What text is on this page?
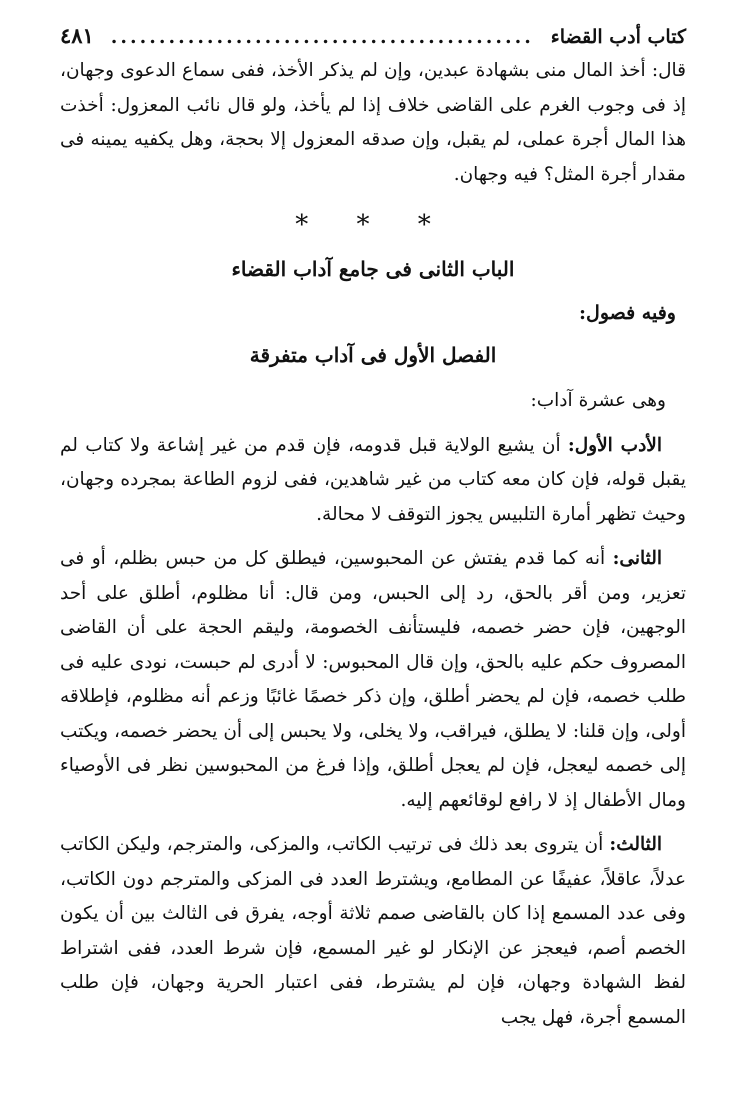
كتاب أدب القضاء
............................................
٤٨١

قال: أخذ المال منى بشهادة عبدين، وإن لم يذكر الأخذ، ففى سماع الدعوى وجهان، إذ فى وجوب الغرم على القاضى خلاف إذا لم يأخذ، ولو قال نائب المعزول: أخذت هذا المال أجرة عملى، لم يقبل، وإن صدقه المعزول إلا بحجة، وهل يكفيه يمينه فى مقدار أجرة المثل؟ فيه وجهان.

* * *
الباب الثانى فى جامع آداب القضاء
وفيه فصول:
الفصل الأول فى آداب متفرقة

وهى عشرة آداب:

الأدب الأول: أن يشيع الولاية قبل قدومه، فإن قدم من غير إشاعة ولا كتاب لم يقبل قوله، فإن كان معه كتاب من غير شاهدين، ففى لزوم الطاعة بمجرده وجهان، وحيث تظهر أمارة التلبيس يجوز التوقف لا محالة.

الثانى: أنه كما قدم يفتش عن المحبوسين، فيطلق كل من حبس بظلم، أو فى تعزير، ومن أقر بالحق، رد إلى الحبس، ومن قال: أنا مظلوم، أطلق على أحد الوجهين، فإن حضر خصمه، فليستأنف الخصومة، وليقم الحجة على أن القاضى المصروف حكم عليه بالحق، وإن قال المحبوس: لا أدرى لم حبست، نودى عليه فى طلب خصمه، فإن لم يحضر أطلق، وإن ذكر خصمًا غائبًا وزعم أنه مظلوم، فإطلاقه أولى، وإن قلنا: لا يطلق، فيراقب، ولا يخلى، ولا يحبس إلى أن يحضر خصمه، ويكتب إلى خصمه ليعجل، فإن لم يعجل أطلق، وإذا فرغ من المحبوسين نظر فى الأوصياء ومال الأطفال إذ لا رافع لوقائعهم إليه.

الثالث: أن يتروى بعد ذلك فى ترتيب الكاتب، والمزكى، والمترجم، وليكن الكاتب عدلاً، عاقلاً، عفيفًا عن المطامع، ويشترط العدد فى المزكى والمترجم دون الكاتب، وفى عدد المسمع إذا كان بالقاضى صمم ثلاثة أوجه، يفرق فى الثالث بين أن يكون الخصم أصم، فيعجز عن الإنكار لو غير المسمع، فإن شرط العدد، ففى اشتراط لفظ الشهادة وجهان، فإن لم يشترط، ففى اعتبار الحرية وجهان، فإن طلب المسمع أجرة، فهل يجب
